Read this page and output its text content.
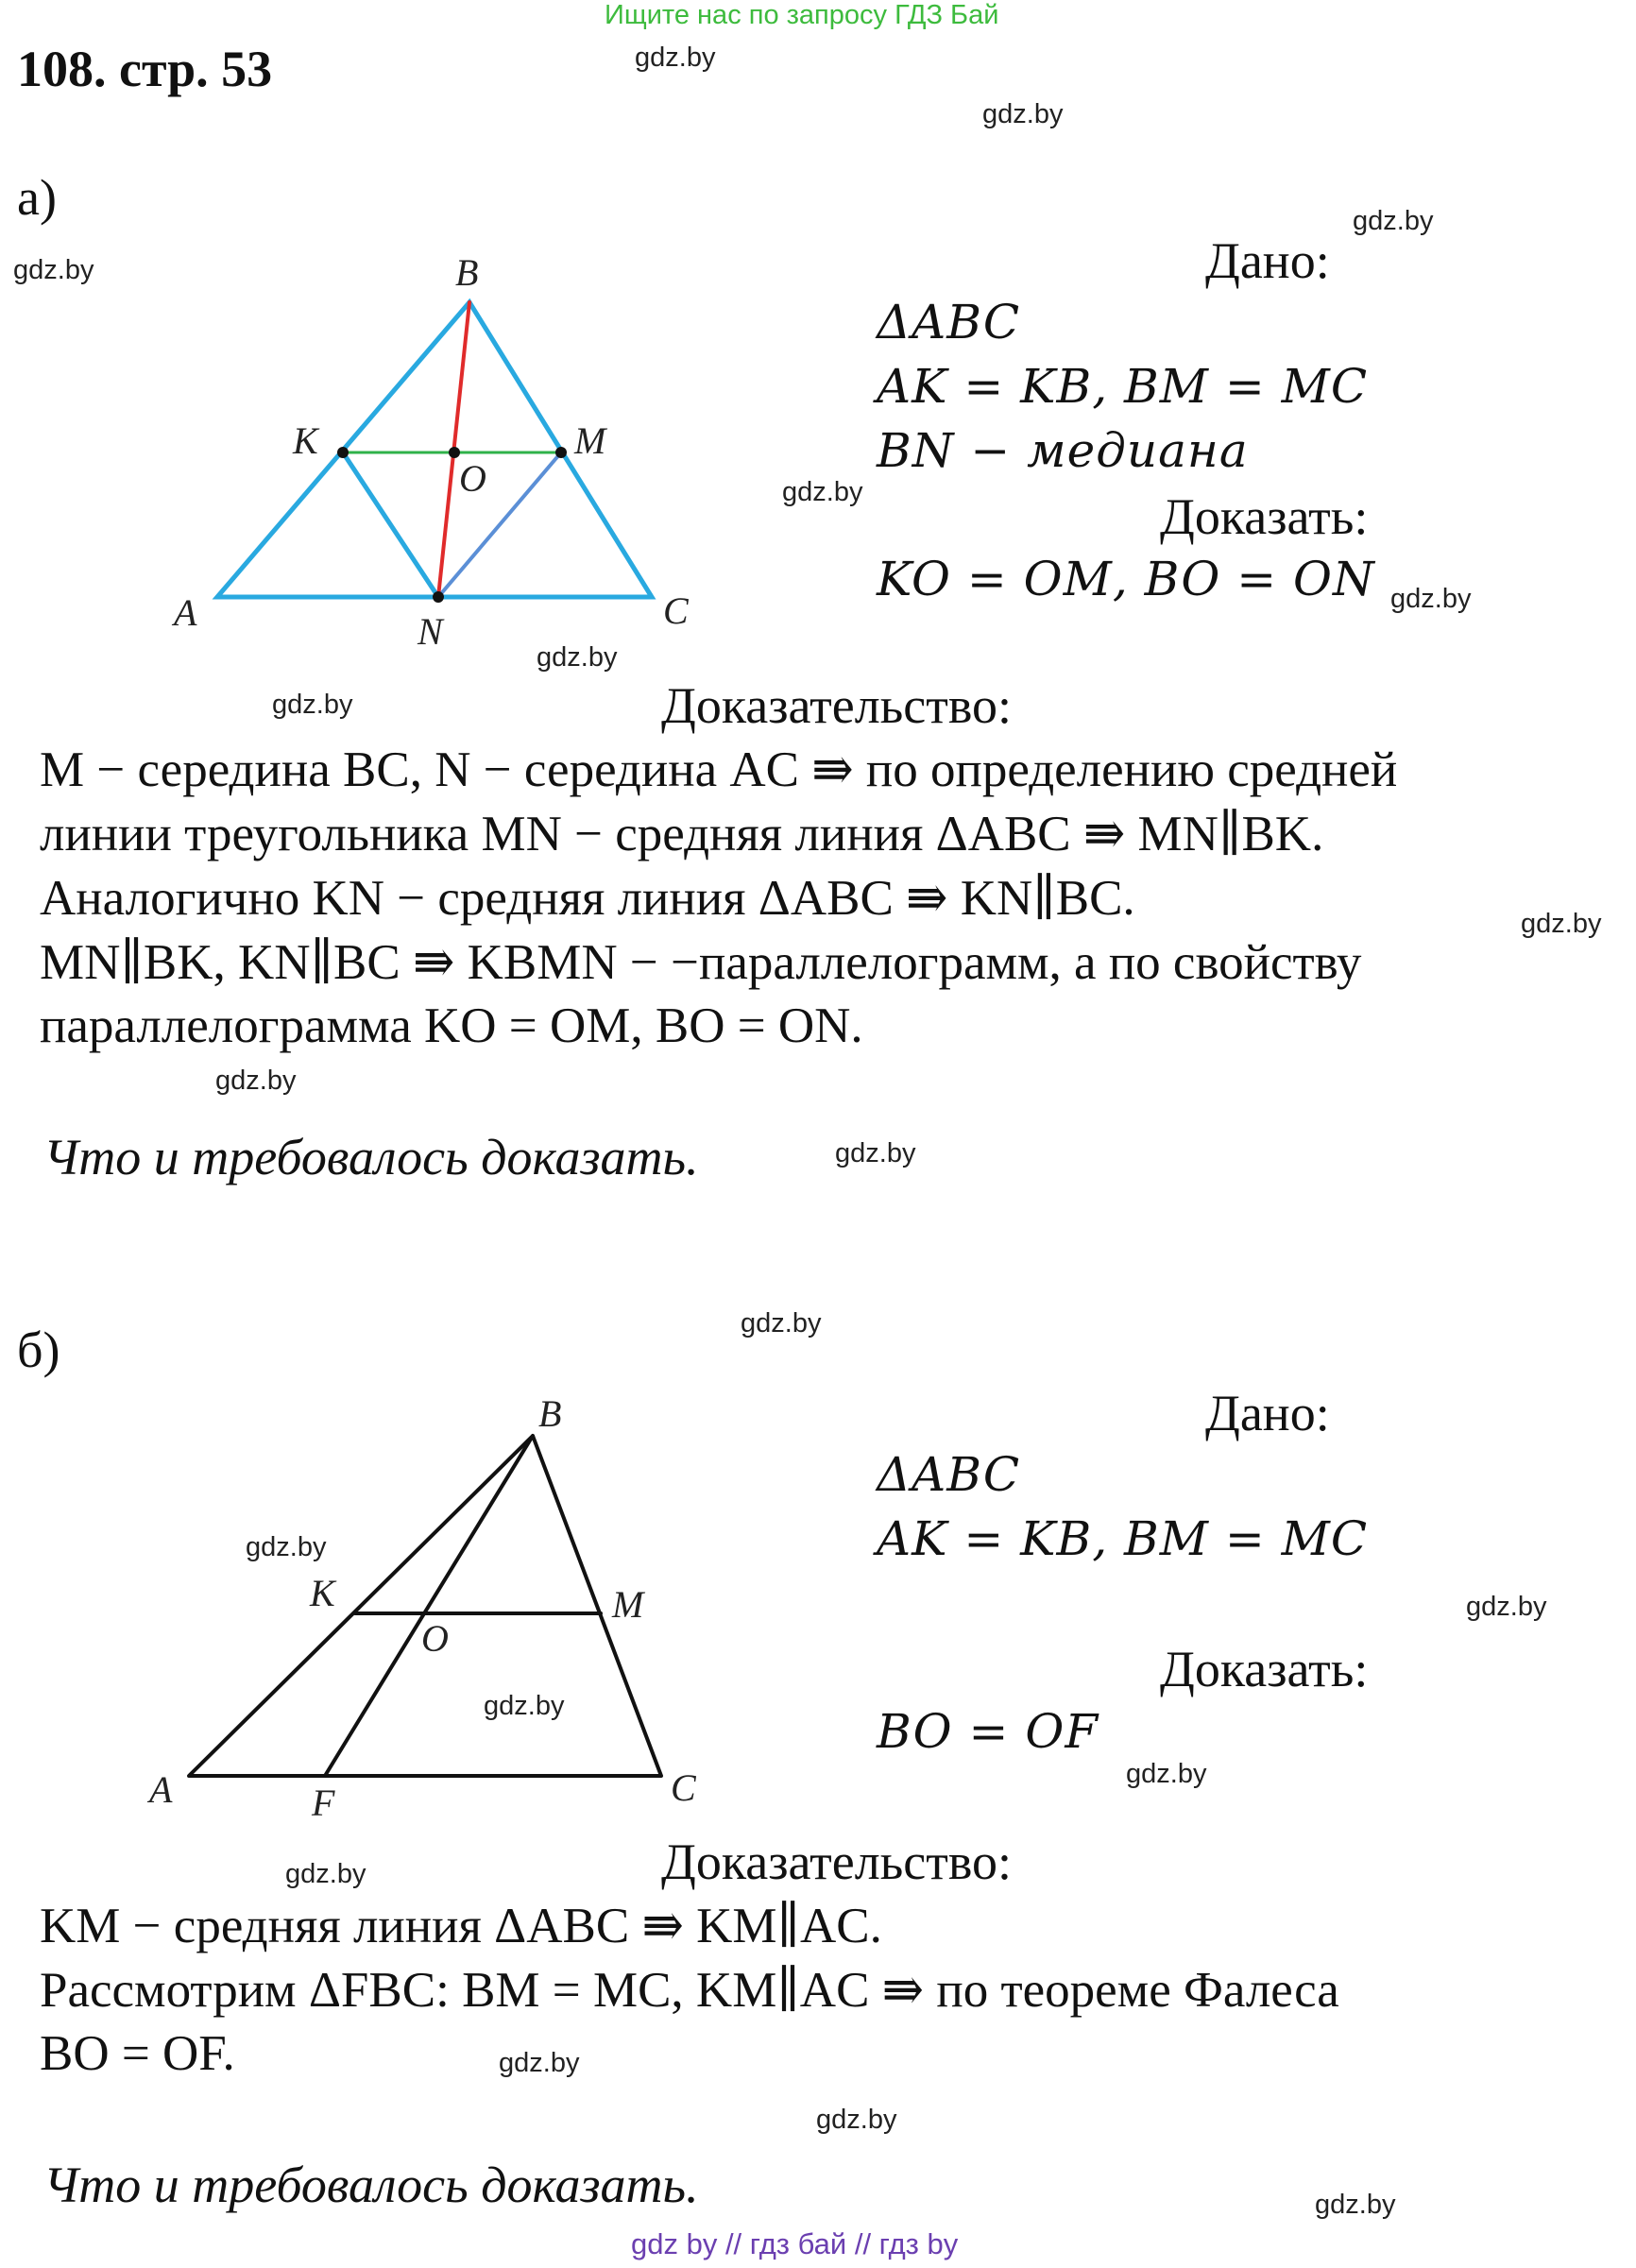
Ищите нас по запросу ГДЗ Бай
108. стр. 53	gdz.by
gdz.by
gdz.by
gdz.by
gdz.by
gdz.by
gdz.by
gdz.by
gdz.by
gdz.by
gdz.by
gdz.by
gdz.by
gdz.by
gdz.by
gdz.by
gdz.by
gdz.by
gdz.by
gdz.by
а)
A
B
C
K	M
N
O
Дано:
ΔABC
AK = KB, BM = MC
BN − медиана
Доказать:
KO = OM, BO = ON
Доказательство:
M − середина BC, N − середина AC ⇛ по определению средней
линии треугольника MN − средняя линия ΔABC ⇛ MN∥BK.
Аналогично KN − средняя линия ΔABC ⇛ KN∥BC.
MN∥BK, KN∥BC ⇛ KBMN − −параллелограмм, а по свойству
параллелограмма KO = OM, BO = ON.
Что и требовалось доказать.
б)
A
B
C
K	M
O
F
Дано:
ΔABC
AK = KB, BM = MC
Доказать:
BO = OF
Доказательство:
KM − средняя линия ΔABC ⇛ KM∥AC.
Рассмотрим ΔFBC: BM = MC, KM∥AC ⇛ по теореме Фалеса
BO = OF.
Что и требовалось доказать.
gdz by // гдз бай // гдз by
